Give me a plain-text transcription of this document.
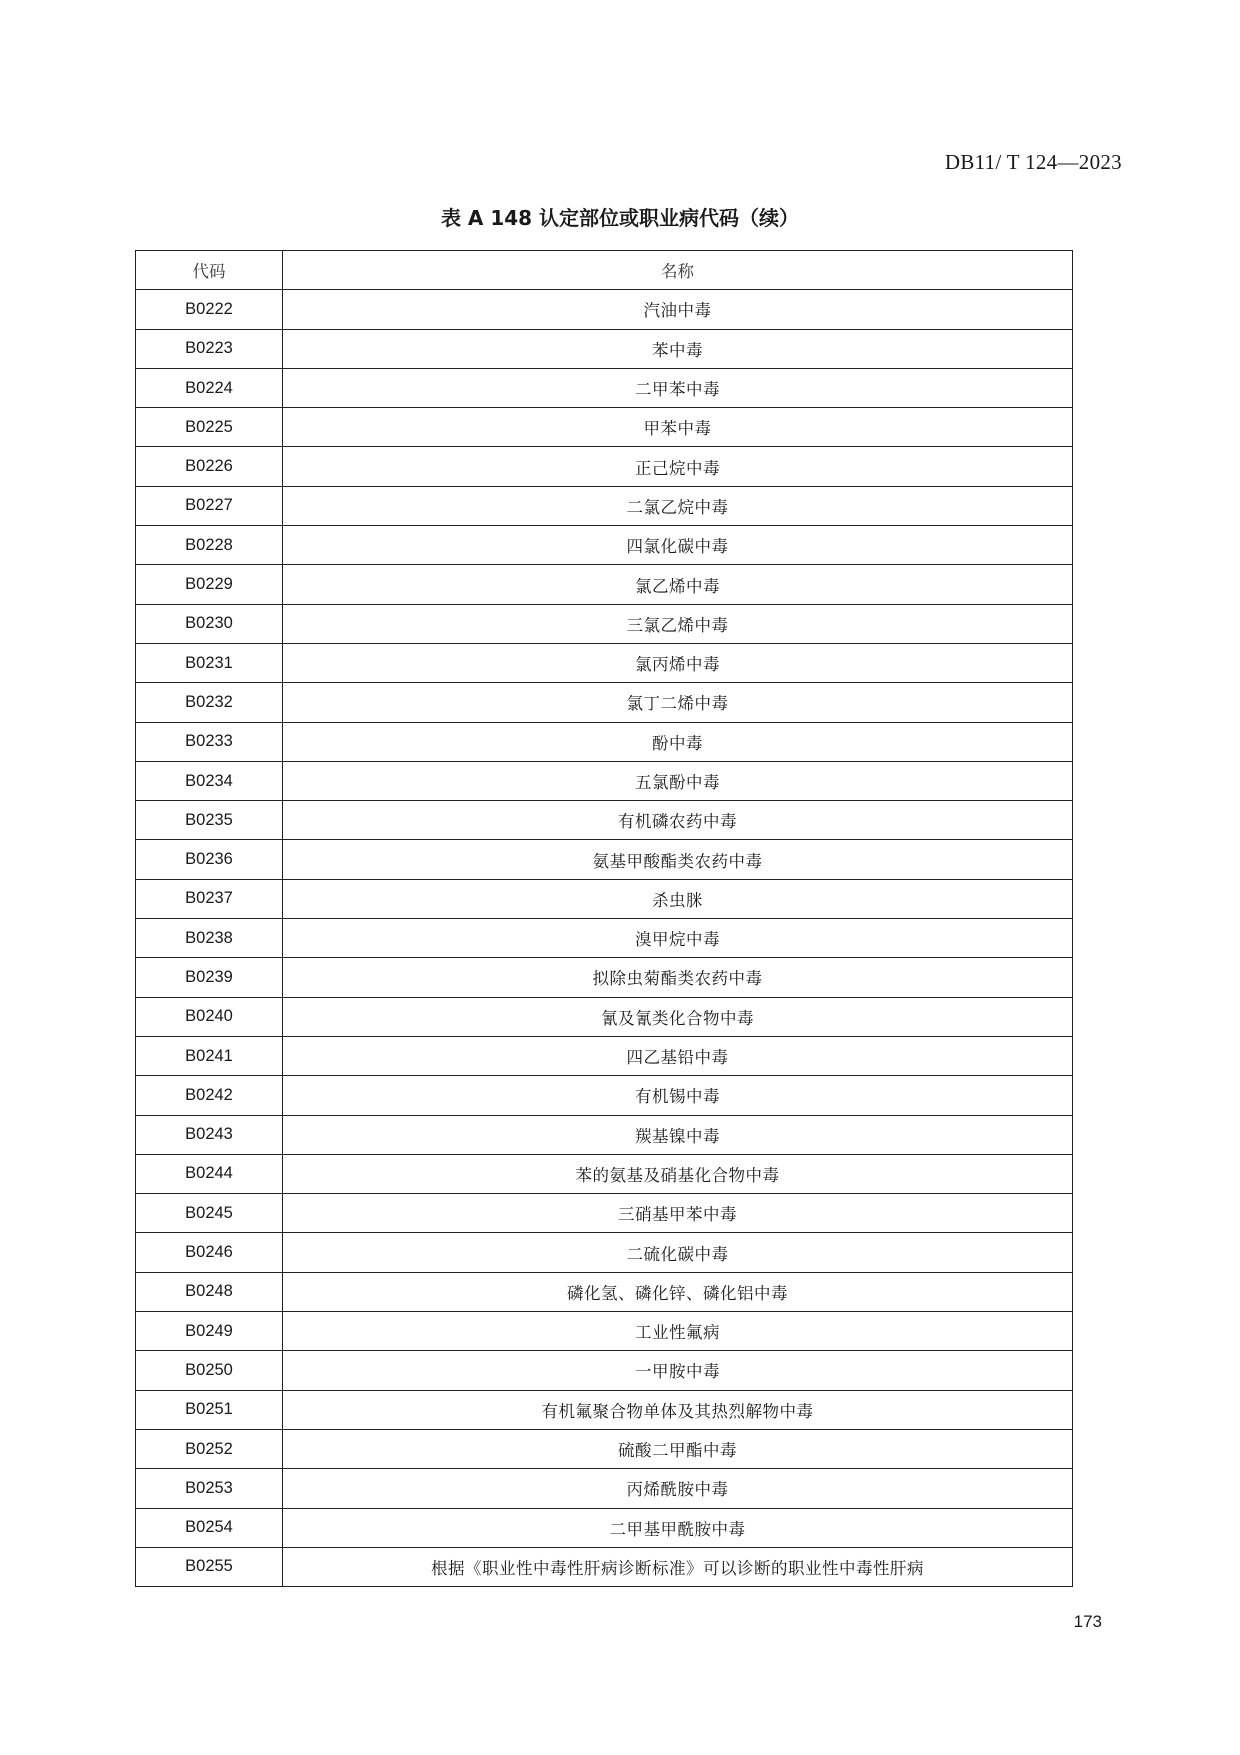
DB11/ T 124—2023
表 A 148 认定部位或职业病代码（续）
代码	名称
B0222	汽油中毒
B0223	苯中毒
B0224	二甲苯中毒
B0225	甲苯中毒
B0226	正己烷中毒
B0227	二氯乙烷中毒
B0228	四氯化碳中毒
B0229	氯乙烯中毒
B0230	三氯乙烯中毒
B0231	氯丙烯中毒
B0232	氯丁二烯中毒
B0233	酚中毒
B0234	五氯酚中毒
B0235	有机磷农药中毒
B0236	氨基甲酸酯类农药中毒
B0237	杀虫脒
B0238	溴甲烷中毒
B0239	拟除虫菊酯类农药中毒
B0240	氰及氰类化合物中毒
B0241	四乙基铅中毒
B0242	有机锡中毒
B0243	羰基镍中毒
B0244	苯的氨基及硝基化合物中毒
B0245	三硝基甲苯中毒
B0246	二硫化碳中毒
B0248	磷化氢、磷化锌、磷化铝中毒
B0249	工业性氟病
B0250	一甲胺中毒
B0251	有机氟聚合物单体及其热烈解物中毒
B0252	硫酸二甲酯中毒
B0253	丙烯酰胺中毒
B0254	二甲基甲酰胺中毒
B0255	根据《职业性中毒性肝病诊断标准》可以诊断的职业性中毒性肝病
173
